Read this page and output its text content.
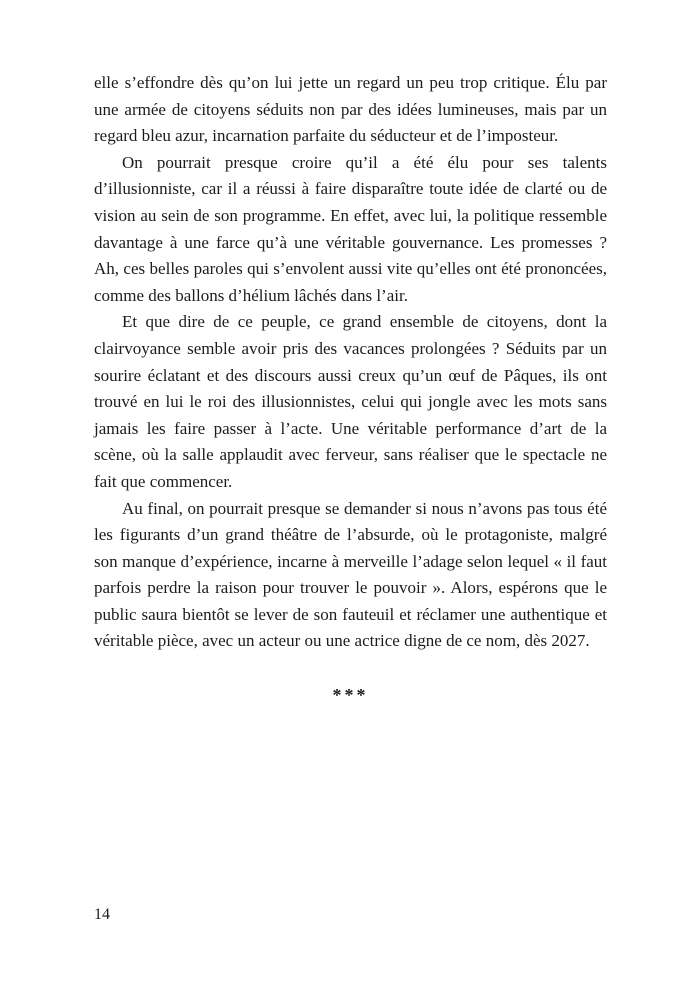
elle s’effondre dès qu’on lui jette un regard un peu trop critique. Élu par une armée de citoyens séduits non par des idées lumineuses, mais par un regard bleu azur, incarnation parfaite du séducteur et de l’imposteur.

On pourrait presque croire qu’il a été élu pour ses talents d’illusionniste, car il a réussi à faire disparaître toute idée de clarté ou de vision au sein de son programme. En effet, avec lui, la politique ressemble davantage à une farce qu’à une véritable gouvernance. Les promesses ? Ah, ces belles paroles qui s’envolent aussi vite qu’elles ont été prononcées, comme des ballons d’hélium lâchés dans l’air.

Et que dire de ce peuple, ce grand ensemble de citoyens, dont la clairvoyance semble avoir pris des vacances prolongées ? Séduits par un sourire éclatant et des discours aussi creux qu’un œuf de Pâques, ils ont trouvé en lui le roi des illusionnistes, celui qui jongle avec les mots sans jamais les faire passer à l’acte. Une véritable performance d’art de la scène, où la salle applaudit avec ferveur, sans réaliser que le spectacle ne fait que commencer.

Au final, on pourrait presque se demander si nous n’avons pas tous été les figurants d’un grand théâtre de l’absurde, où le protagoniste, malgré son manque d’expérience, incarne à merveille l’adage selon lequel « il faut parfois perdre la raison pour trouver le pouvoir ». Alors, espérons que le public saura bientôt se lever de son fauteuil et réclamer une authentique et véritable pièce, avec un acteur ou une actrice digne de ce nom, dès 2027.

***
14
